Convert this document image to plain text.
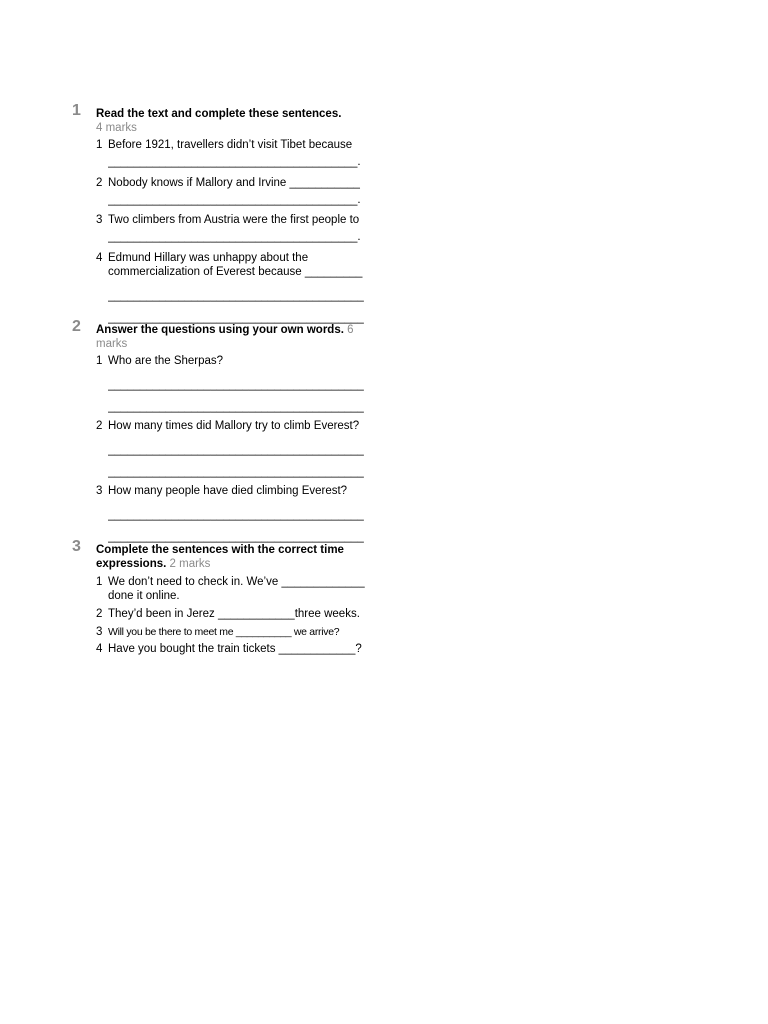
1 Read the text and complete these sentences.
4 marks
1 Before 1921, travellers didn’t visit Tibet because
_______________________________________.
2 Nobody knows if Mallory and Irvine ___________
_______________________________________.
3 Two climbers from Austria were the first people to
_______________________________________.
4 Edmund Hillary was unhappy about the
commercialization of Everest because _________
________________________________________
________________________________________
2 Answer the questions using your own words. 6
marks
1 Who are the Sherpas?
________________________________________
________________________________________
2 How many times did Mallory try to climb Everest?
________________________________________
________________________________________
3 How many people have died climbing Everest?
________________________________________
________________________________________
3 Complete the sentences with the correct time
expressions. 2 marks
1 We don’t need to check in. We’ve _____________
done it online.
2 They’d been in Jerez ____________three weeks.
3 Will you be there to meet me __________ we arrive?
4 Have you bought the train tickets ____________?
